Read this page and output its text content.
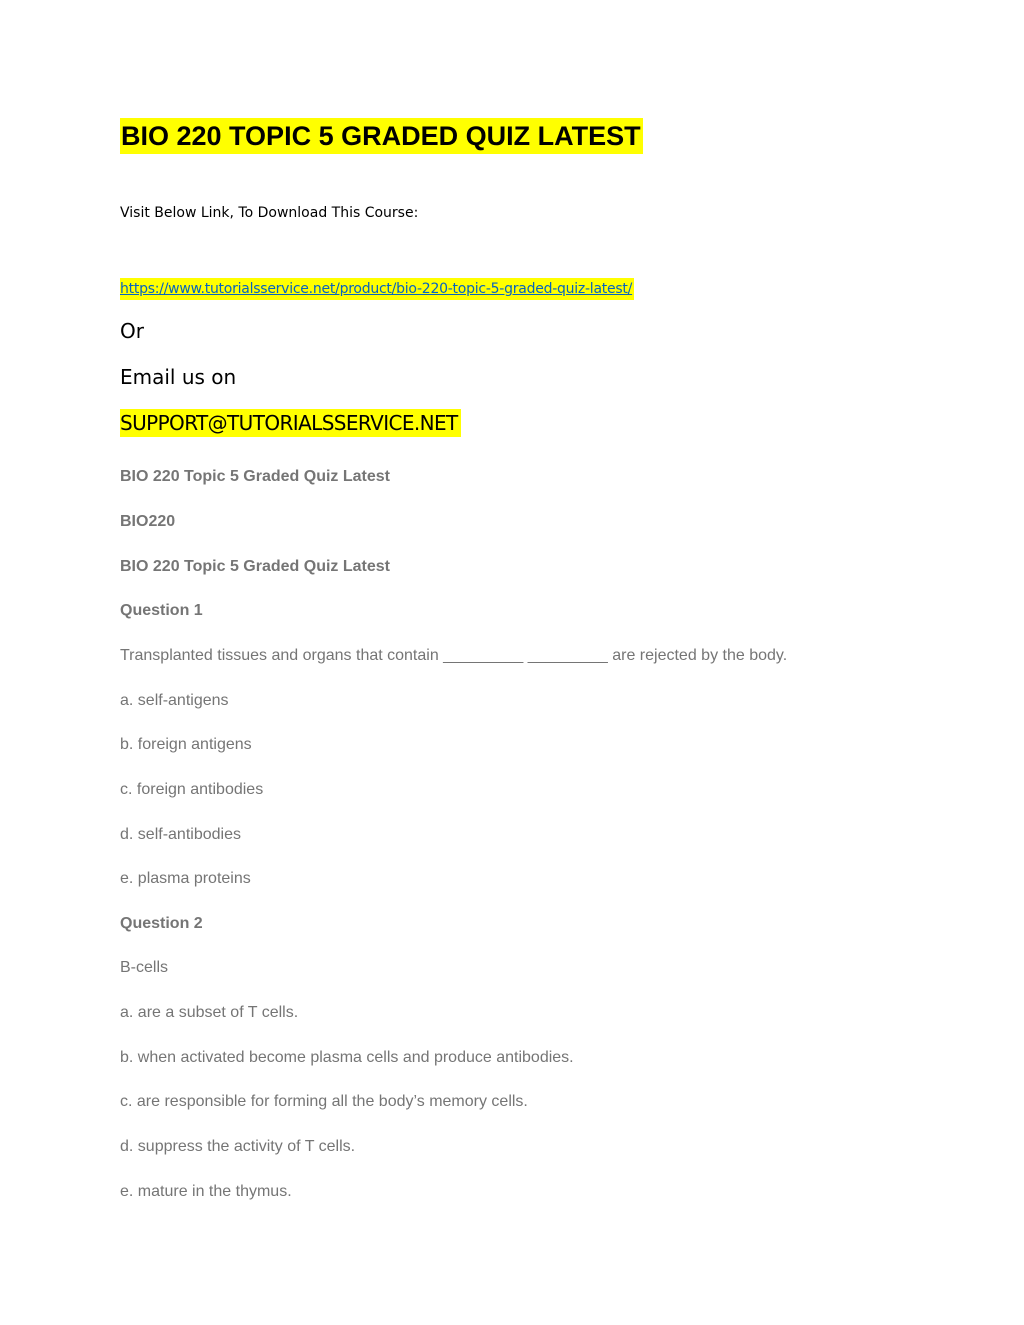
BIO 220 TOPIC 5 GRADED QUIZ LATEST
Visit Below Link, To Download This Course:
https://www.tutorialsservice.net/product/bio-220-topic-5-graded-quiz-latest/
Or
Email us on
SUPPORT@TUTORIALSSERVICE.NET
BIO 220 Topic 5 Graded Quiz Latest
BIO220
BIO 220 Topic 5 Graded Quiz Latest
Question 1
Transplanted tissues and organs that contain _________ _________ are rejected by the body.
a. self-antigens
b. foreign antigens
c. foreign antibodies
d. self-antibodies
e. plasma proteins
Question 2
B-cells
a. are a subset of T cells.
b. when activated become plasma cells and produce antibodies.
c. are responsible for forming all the body’s memory cells.
d. suppress the activity of T cells.
e. mature in the thymus.
